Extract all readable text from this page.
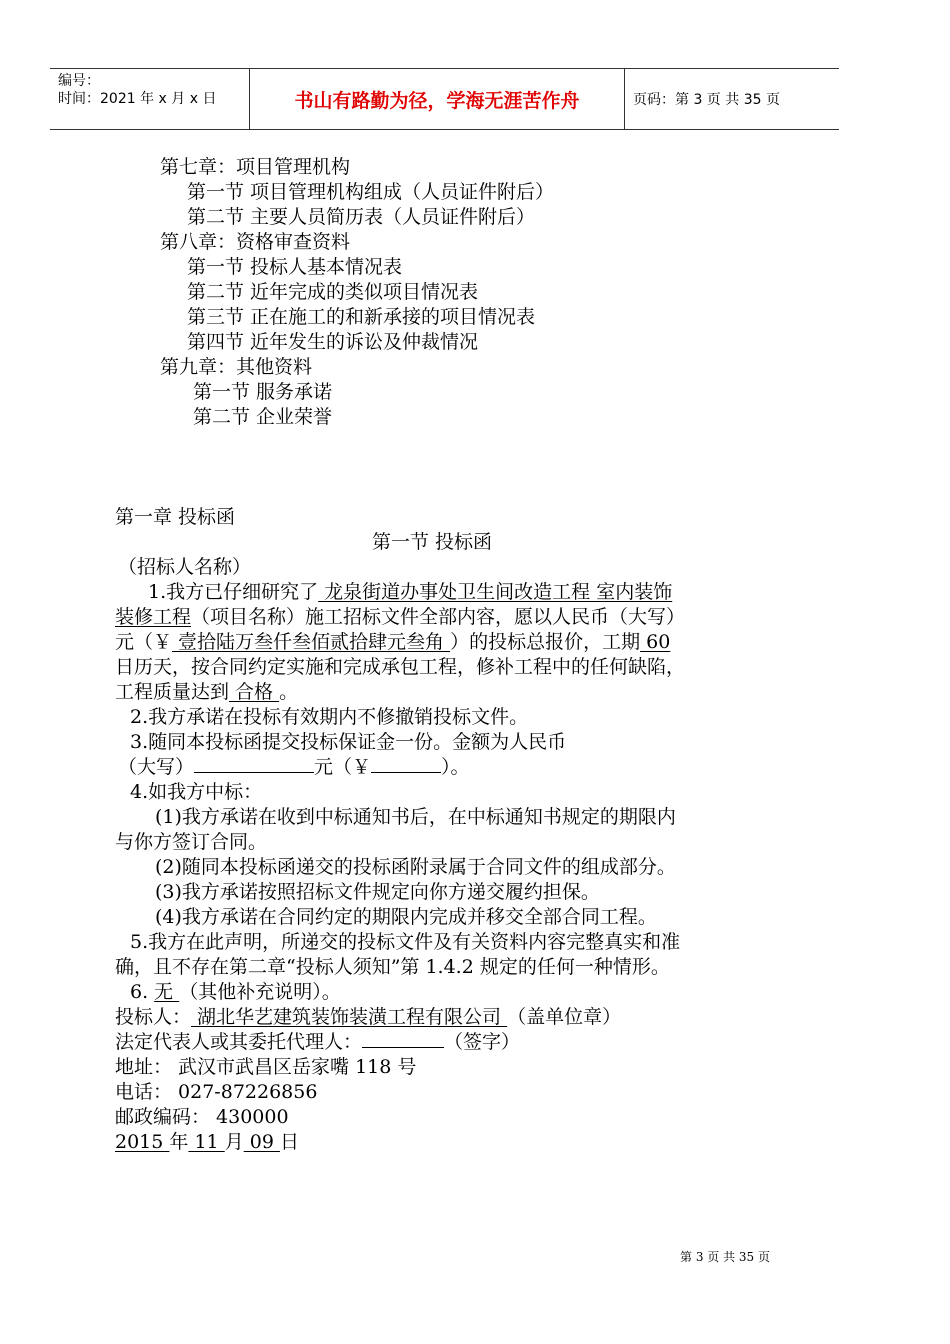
编号：
时间：2021 年 x 月 x 日	书山有路勤为径，学海无涯苦作舟	页码：第 3 页 共 35 页
第七章：项目管理机构
第一节 项目管理机构组成（人员证件附后）
第二节 主要人员简历表（人员证件附后）
第八章：资格审查资料
第一节 投标人基本情况表
第二节 近年完成的类似项目情况表
第三节 正在施工的和新承接的项目情况表
第四节 近年发生的诉讼及仲裁情况
第九章：其他资料
第一节 服务承诺
第二节 企业荣誉
第一章 投标函
第一节 投标函
（招标人名称）
1.我方已仔细研究了 龙泉街道办事处卫生间改造工程 室内装饰
装修工程（项目名称）施工招标文件全部内容，愿以人民币（大写）
元（￥ 壹拾陆万叁仟叁佰贰拾肆元叁角 ）的投标总报价，工期 60
日历天，按合同约定实施和完成承包工程，修补工程中的任何缺陷，
工程质量达到 合格 。
2.我方承诺在投标有效期内不修撤销投标文件。
3.随同本投标函提交投标保证金一份。金额为人民币
（大写）	元（￥	）。
4.如我方中标：
(1)我方承诺在收到中标通知书后，在中标通知书规定的期限内
与你方签订合同。
(2)随同本投标函递交的投标函附录属于合同文件的组成部分。
(3)我方承诺按照招标文件规定向你方递交履约担保。
(4)我方承诺在合同约定的期限内完成并移交全部合同工程。
5.我方在此声明，所递交的投标文件及有关资料内容完整真实和准
确，且不存在第二章“投标人须知”第 1.4.2 规定的任何一种情形。
6. 无 （其他补充说明）。
投标人： 湖北华艺建筑装饰装潢工程有限公司 （盖单位章）
法定代表人或其委托代理人：	（签字）
地址： 武汉市武昌区岳家嘴 118 号
电话： 027-87226856
邮政编码： 430000
2015 年 11 月 09 日
第 3 页 共 35 页
